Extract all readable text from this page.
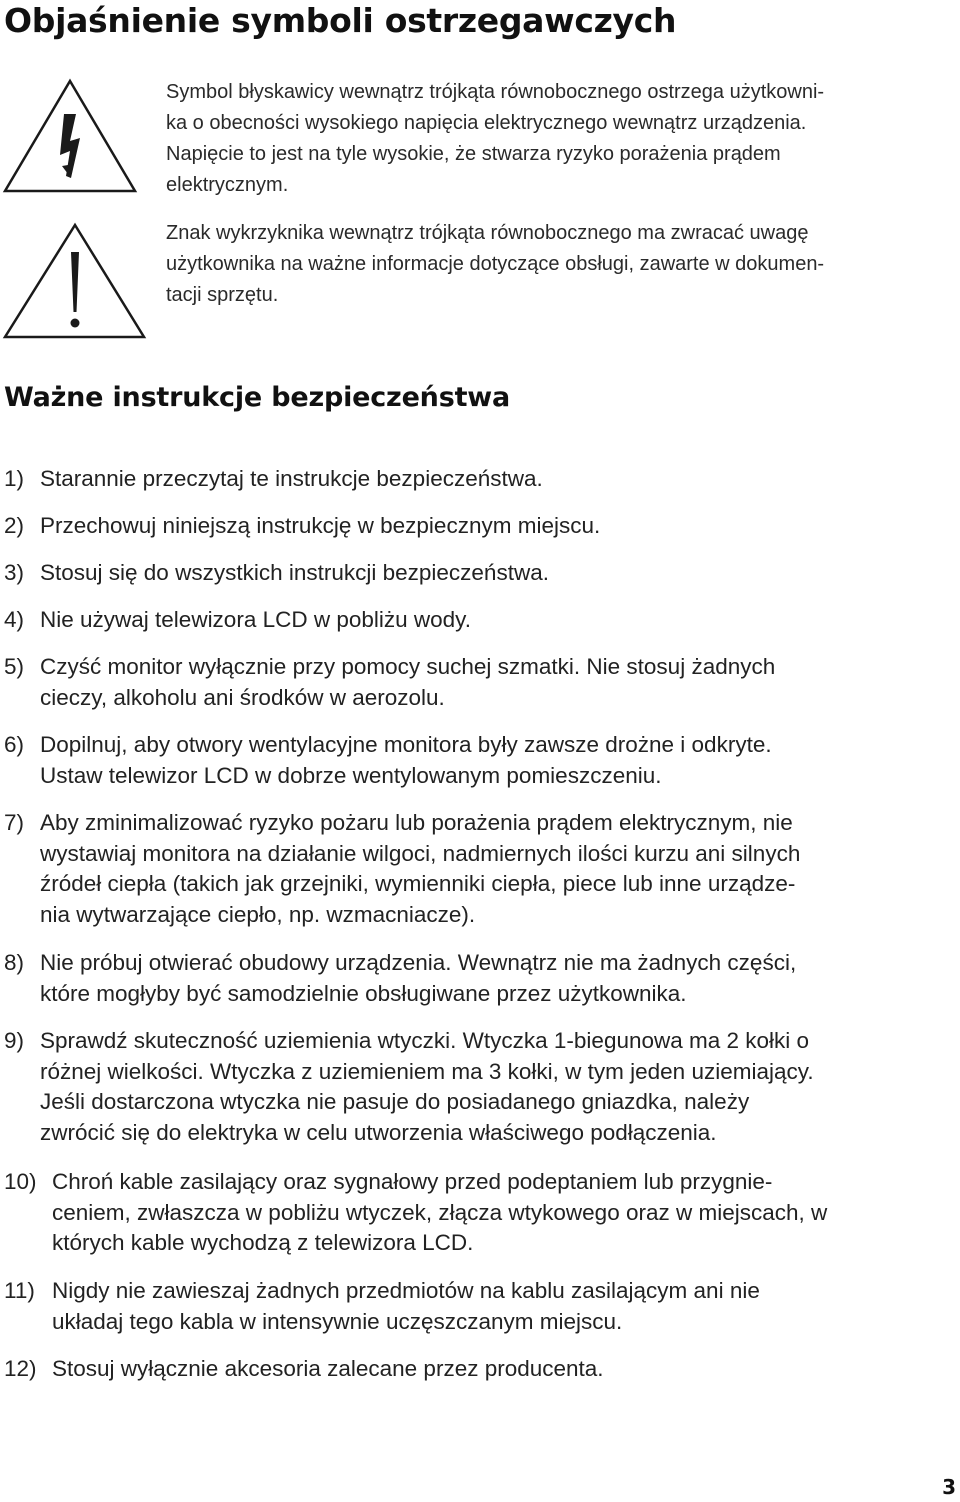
Objaśnienie symboli ostrzegawczych
Symbol błyskawicy wewnątrz trójkąta równobocznego ostrzega użytkowni-
ka o obecności wysokiego napięcia elektrycznego wewnątrz urządzenia.
Napięcie to jest na tyle wysokie, że stwarza ryzyko porażenia prądem
elektrycznym.
Znak wykrzyknika wewnątrz trójkąta równobocznego ma zwracać uwagę
użytkownika na ważne informacje dotyczące obsługi, zawarte w dokumen-
tacji sprzętu.
Ważne instrukcje bezpieczeństwa
1) Starannie przeczytaj te instrukcje bezpieczeństwa.
2) Przechowuj niniejszą instrukcję w bezpiecznym miejscu.
3) Stosuj się do wszystkich instrukcji bezpieczeństwa.
4) Nie używaj telewizora LCD w pobliżu wody.
5) Czyść monitor wyłącznie przy pomocy suchej szmatki. Nie stosuj żadnych
cieczy, alkoholu ani środków w aerozolu.
6) Dopilnuj, aby otwory wentylacyjne monitora były zawsze drożne i odkryte.
Ustaw telewizor LCD w dobrze wentylowanym pomieszczeniu.
7) Aby zminimalizować ryzyko pożaru lub porażenia prądem elektrycznym, nie
wystawiaj monitora na działanie wilgoci, nadmiernych ilości kurzu ani silnych
źródeł ciepła (takich jak grzejniki, wymienniki ciepła, piece lub inne urządze-
nia wytwarzające ciepło, np. wzmacniacze).
8) Nie próbuj otwierać obudowy urządzenia. Wewnątrz nie ma żadnych części,
które mogłyby być samodzielnie obsługiwane przez użytkownika.
9) Sprawdź skuteczność uziemienia wtyczki. Wtyczka 1-biegunowa ma 2 kołki o
różnej wielkości. Wtyczka z uziemieniem ma 3 kołki, w tym jeden uziemiający.
Jeśli dostarczona wtyczka nie pasuje do posiadanego gniazdka, należy
zwrócić się do elektryka w celu utworzenia właściwego podłączenia.
10) Chroń kable zasilający oraz sygnałowy przed podeptaniem lub przygnie-
ceniem, zwłaszcza w pobliżu wtyczek, złącza wtykowego oraz w miejscach, w
których kable wychodzą z telewizora LCD.
11) Nigdy nie zawieszaj żadnych przedmiotów na kablu zasilającym ani nie
układaj tego kabla w intensywnie uczęszczanym miejscu.
12) Stosuj wyłącznie akcesoria zalecane przez producenta.
3
